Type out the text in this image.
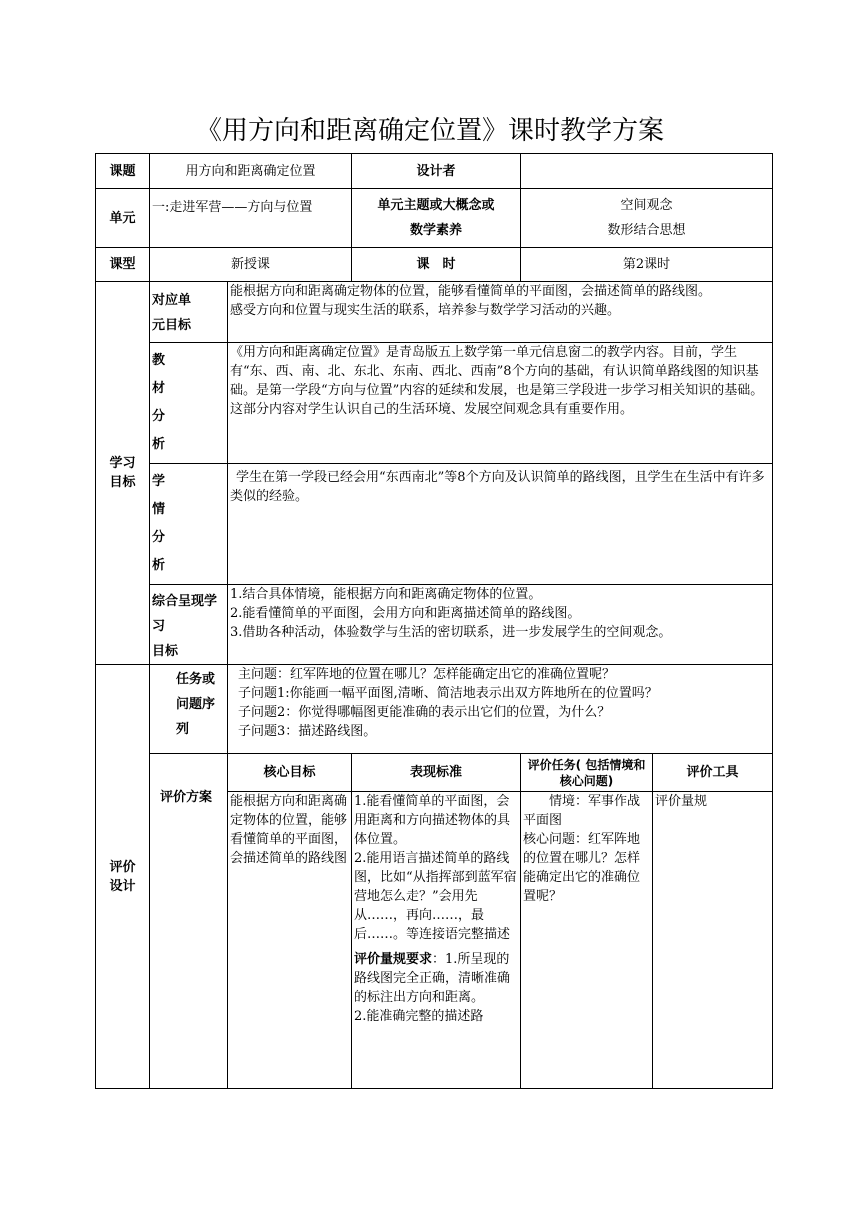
《用方向和距离确定位置》课时教学方案
课题	用方向和距离确定位置		设计者		
单元	一:走进军营——方向与位置		单元主题或大概念或
数学素养	空间观念
数形结合思想	

课型	新授课		课　时	第2课时	

学习
目标	对应单
元目标	能根据方向和距离确定物体的位置，能够看懂简单的平面图，会描述简单的路线图。
感受方向和位置与现实生活的联系，培养参与数学学习活动的兴趣。			

	教
材
分
析	《用方向和距离确定位置》是青岛版五上数学第一单元信息窗二的教学内容。目前，学生有“东、西、南、北、东北、东南、西北、西南”8个方向的基础，有认识简单路线图的知识基础。是第一学段“方向与位置”内容的延续和发展，也是第三学段进一步学习相关知识的基础。这部分内容对学生认识自己的生活环境、发展空间观念具有重要作用。			

	学
情
分
析	学生在第一学段已经会用“东西南北”等8个方向及认识简单的路线图，且学生在生活中有许多类似的经验。			

	综合呈现学习
目标	1.结合具体情境，能根据方向和距离确定物体的位置。
2.能看懂简单的平面图，会用方向和距离描述简单的路线图。
3.借助各种活动，体验数学与生活的密切联系，进一步发展学生的空间观念。			

评价
设计	任务或
问题序
列	主问题：红军阵地的位置在哪儿？怎样能确定出它的准确位置呢？
子问题1:你能画一幅平面图,清晰、简洁地表示出双方阵地所在的位置吗？
子问题2：你觉得哪幅图更能准确的表示出它们的位置，为什么？
子问题3：描述路线图。			

	评价方案	核心目标	表现标准	评价任务( 包括情境和核心问题)	评价工具
		能根据方向和距离确定物体的位置，能够看懂简单的平面图，会描述简单的路线图	1.能看懂简单的平面图，会用距离和方向描述物体的具体位置。
2.能用语言描述简单的路线图，比如“从指挥部到蓝军宿营地怎么走？”会用先从……，再向……，最后……。等连接语完整描述
评价量规要求：1.所呈现的路线图完全正确，清晰准确的标注出方向和距离。
2.能准确完整的描述路	情境：军事作战平面图
核心问题：红军阵地的位置在哪儿？怎样能确定出它的准确位置呢？	评价量规
